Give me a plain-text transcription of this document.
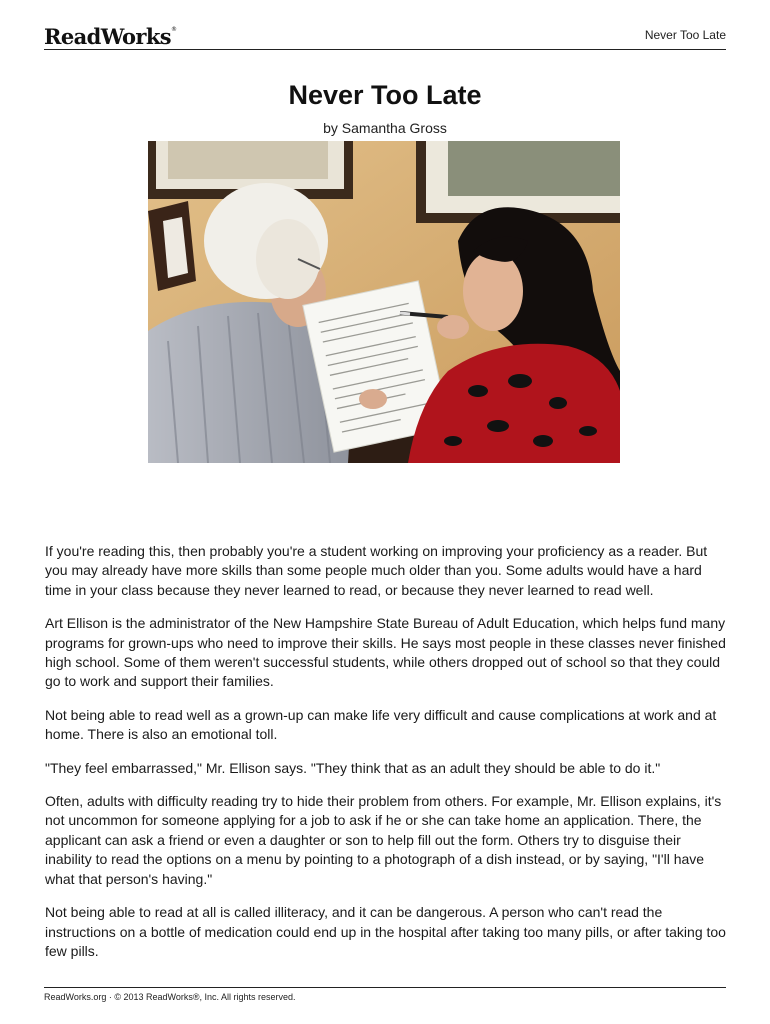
ReadWorks®	Never Too Late
Never Too Late
by Samantha Gross

If you're reading this, then probably you're a student working on improving your proficiency as a reader. But you may already have more skills than some people much older than you. Some adults would have a hard time in your class because they never learned to read, or because they never learned to read well.

Art Ellison is the administrator of the New Hampshire State Bureau of Adult Education, which helps fund many programs for grown-ups who need to improve their skills. He says most people in these classes never finished high school. Some of them weren't successful students, while others dropped out of school so that they could go to work and support their families.

Not being able to read well as a grown-up can make life very difficult and cause complications at work and at home. There is also an emotional toll.

"They feel embarrassed," Mr. Ellison says. "They think that as an adult they should be able to do it."

Often, adults with difficulty reading try to hide their problem from others. For example, Mr. Ellison explains, it's not uncommon for someone applying for a job to ask if he or she can take home an application. There, the applicant can ask a friend or even a daughter or son to help fill out the form. Others try to disguise their inability to read the options on a menu by pointing to a photograph of a dish instead, or by saying, "I'll have what that person's having."

Not being able to read at all is called illiteracy, and it can be dangerous. A person who can't read the instructions on a bottle of medication could end up in the hospital after taking too many pills, or after taking too few pills.

ReadWorks.org · © 2013 ReadWorks®, Inc. All rights reserved.
